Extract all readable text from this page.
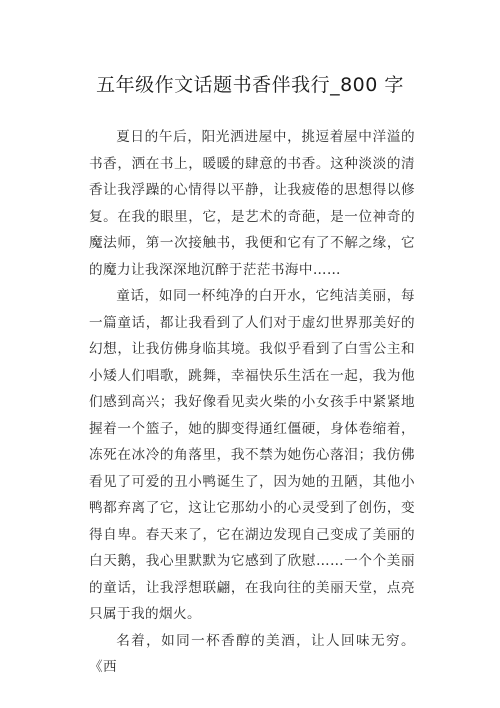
五年级作文话题书香伴我行_800 字

夏日的午后，阳光洒进屋中，挑逗着屋中洋溢的书香，洒在书上，暖暖的肆意的书香。这种淡淡的清香让我浮躁的心情得以平静，让我疲倦的思想得以修复。在我的眼里，它，是艺术的奇葩，是一位神奇的魔法师，第一次接触书，我便和它有了不解之缘，它的魔力让我深深地沉醉于茫茫书海中……

童话，如同一杯纯净的白开水，它纯洁美丽，每一篇童话，都让我看到了人们对于虚幻世界那美好的幻想，让我仿佛身临其境。我似乎看到了白雪公主和小矮人们唱歌，跳舞，幸福快乐生活在一起，我为他们感到高兴；我好像看见卖火柴的小女孩手中紧紧地握着一个篮子，她的脚变得通红僵硬，身体卷缩着，冻死在冰冷的角落里，我不禁为她伤心落泪；我仿佛看见了可爱的丑小鸭诞生了，因为她的丑陋，其他小鸭都弃离了它，这让它那幼小的心灵受到了创伤，变得自卑。春天来了，它在湖边发现自己变成了美丽的白天鹅，我心里默默为它感到了欣慰……一个个美丽的童话，让我浮想联翩，在我向往的美丽天堂，点亮只属于我的烟火。

名着，如同一杯香醇的美酒，让人回味无穷。《西
